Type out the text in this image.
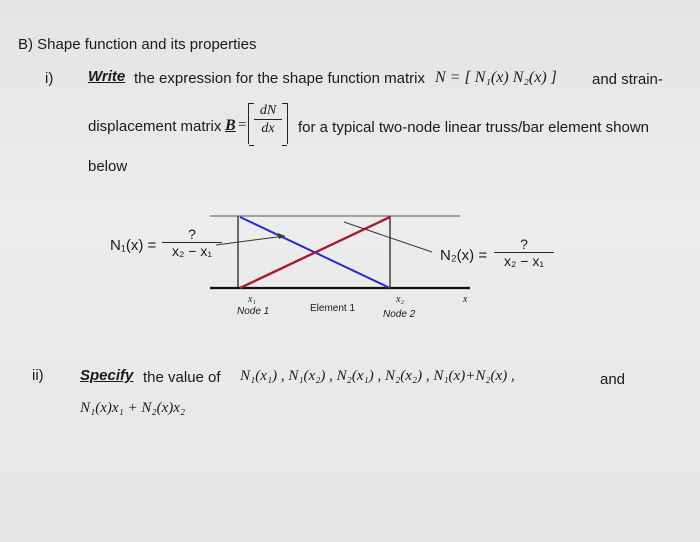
B) Shape function and its properties
i) Write the expression for the shape function matrix N = [ N₁(x) N₂(x) ] and strain-
displacement matrix $B = \frac{dN}{dx}$ for a typical two-node linear truss/bar element shown
below
N₁(x) =
?
x₂ − x₁	N₂(x) =
?
x₂ − x₁
x₁	x₂	x
Node 1	Element 1
Node 2
ii) Specify the value of N₁(x₁) , N₁(x₂) , N₂(x₁) , N₂(x₂) , N₁(x)+N₂(x) ,	and
N₁(x)x₁ + N₂(x)x₂
